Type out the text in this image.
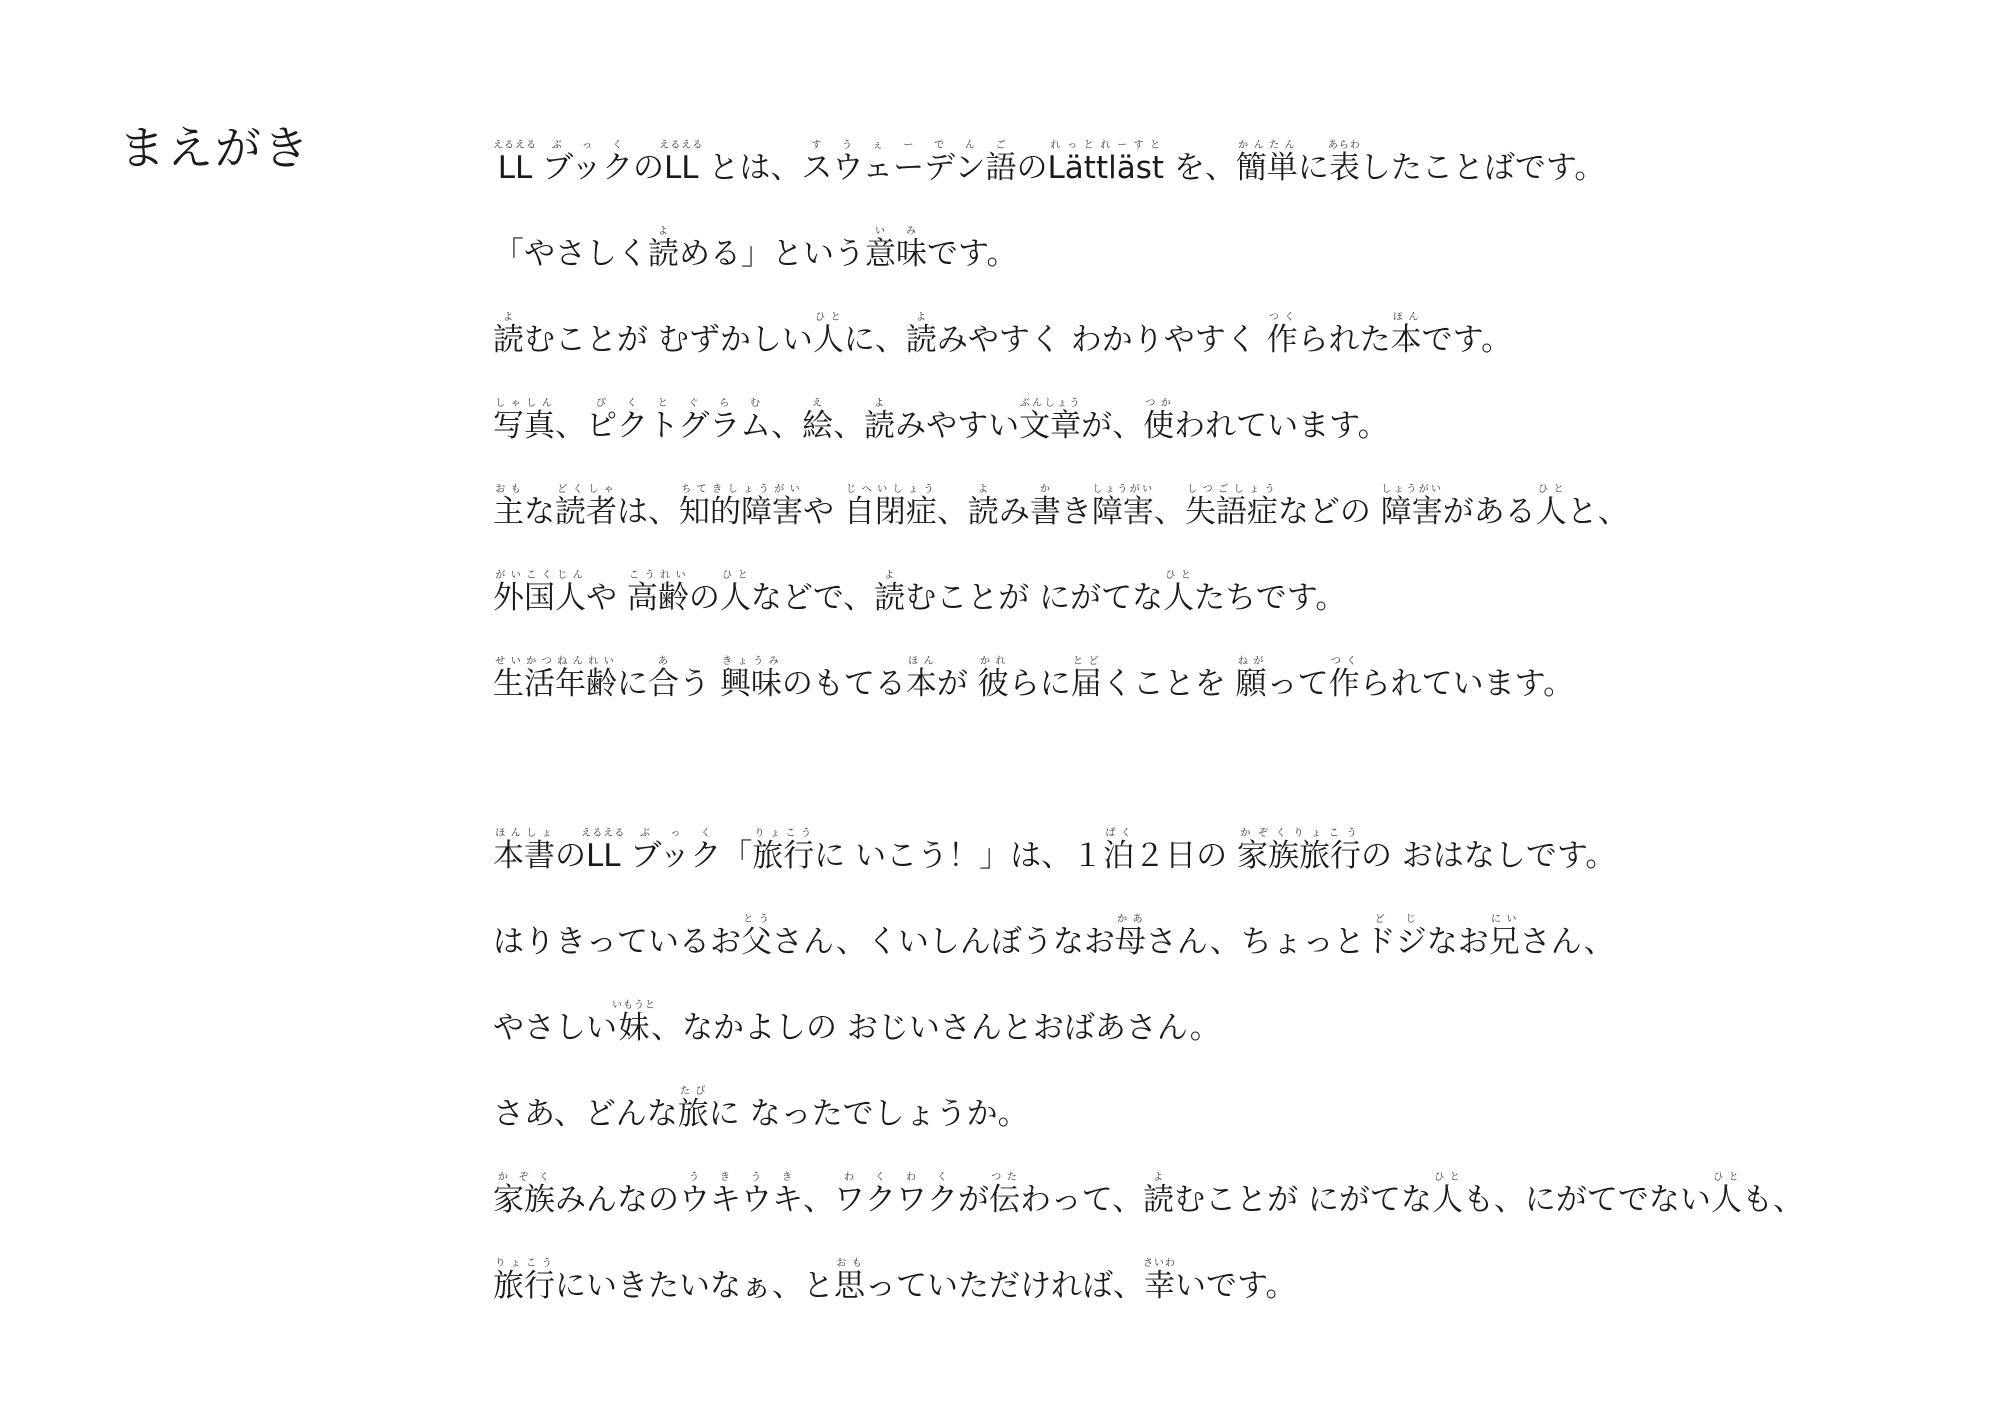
まえがき	LLえるえる ブックぶっくのLLえるえる とは、スウェーデン語すうぇーでんごのLättlästれっとれーすと を、簡単かんたんに表あらわしたことばです。
「やさしく読よめる」という意味いみです。
読よむことが むずかしい人ひとに、読よみやすく わかりやすく 作つくられた本ほんです。
写真しゃしん、ピクトグラムぴくとぐらむ、絵え、読よみやすい文章ぶんしょうが、使つかわれています。
主おもな読者どくしゃは、知的障害ちてきしょうがいや 自閉症じへいしょう、読よみ書かき障害しょうがい、失語症しつごしょうなどの 障害しょうがいがある人ひとと、
外国人がいこくじんや 高齢こうれいの人ひとなどで、読よむことが にがてな人ひとたちです。
生活年齢せいかつねんれいに合あう 興味きょうみのもてる本ほんが 彼かれらに届とどくことを 願ねがって作つくられています。
本書ほんしょのLLえるえる ブックぶっく「旅行りょこうに いこう！」は、１泊ぱく２日の 家族旅行かぞくりょこうの おはなしです。
はりきっているお父とうさん、くいしんぼうなお母かあさん、ちょっとドジどじなお兄にいさん、
やさしい妹いもうと、なかよしの おじいさんとおばあさん。
さあ、どんな旅たびに なったでしょうか。
家族かぞくみんなのウキウキうきうき、ワクワクわくわくが伝つたわって、読よむことが にがてな人ひとも、にがてでない人ひとも、
旅行りょこうにいきたいなぁ、と思おもっていただければ、幸さいわいです。
